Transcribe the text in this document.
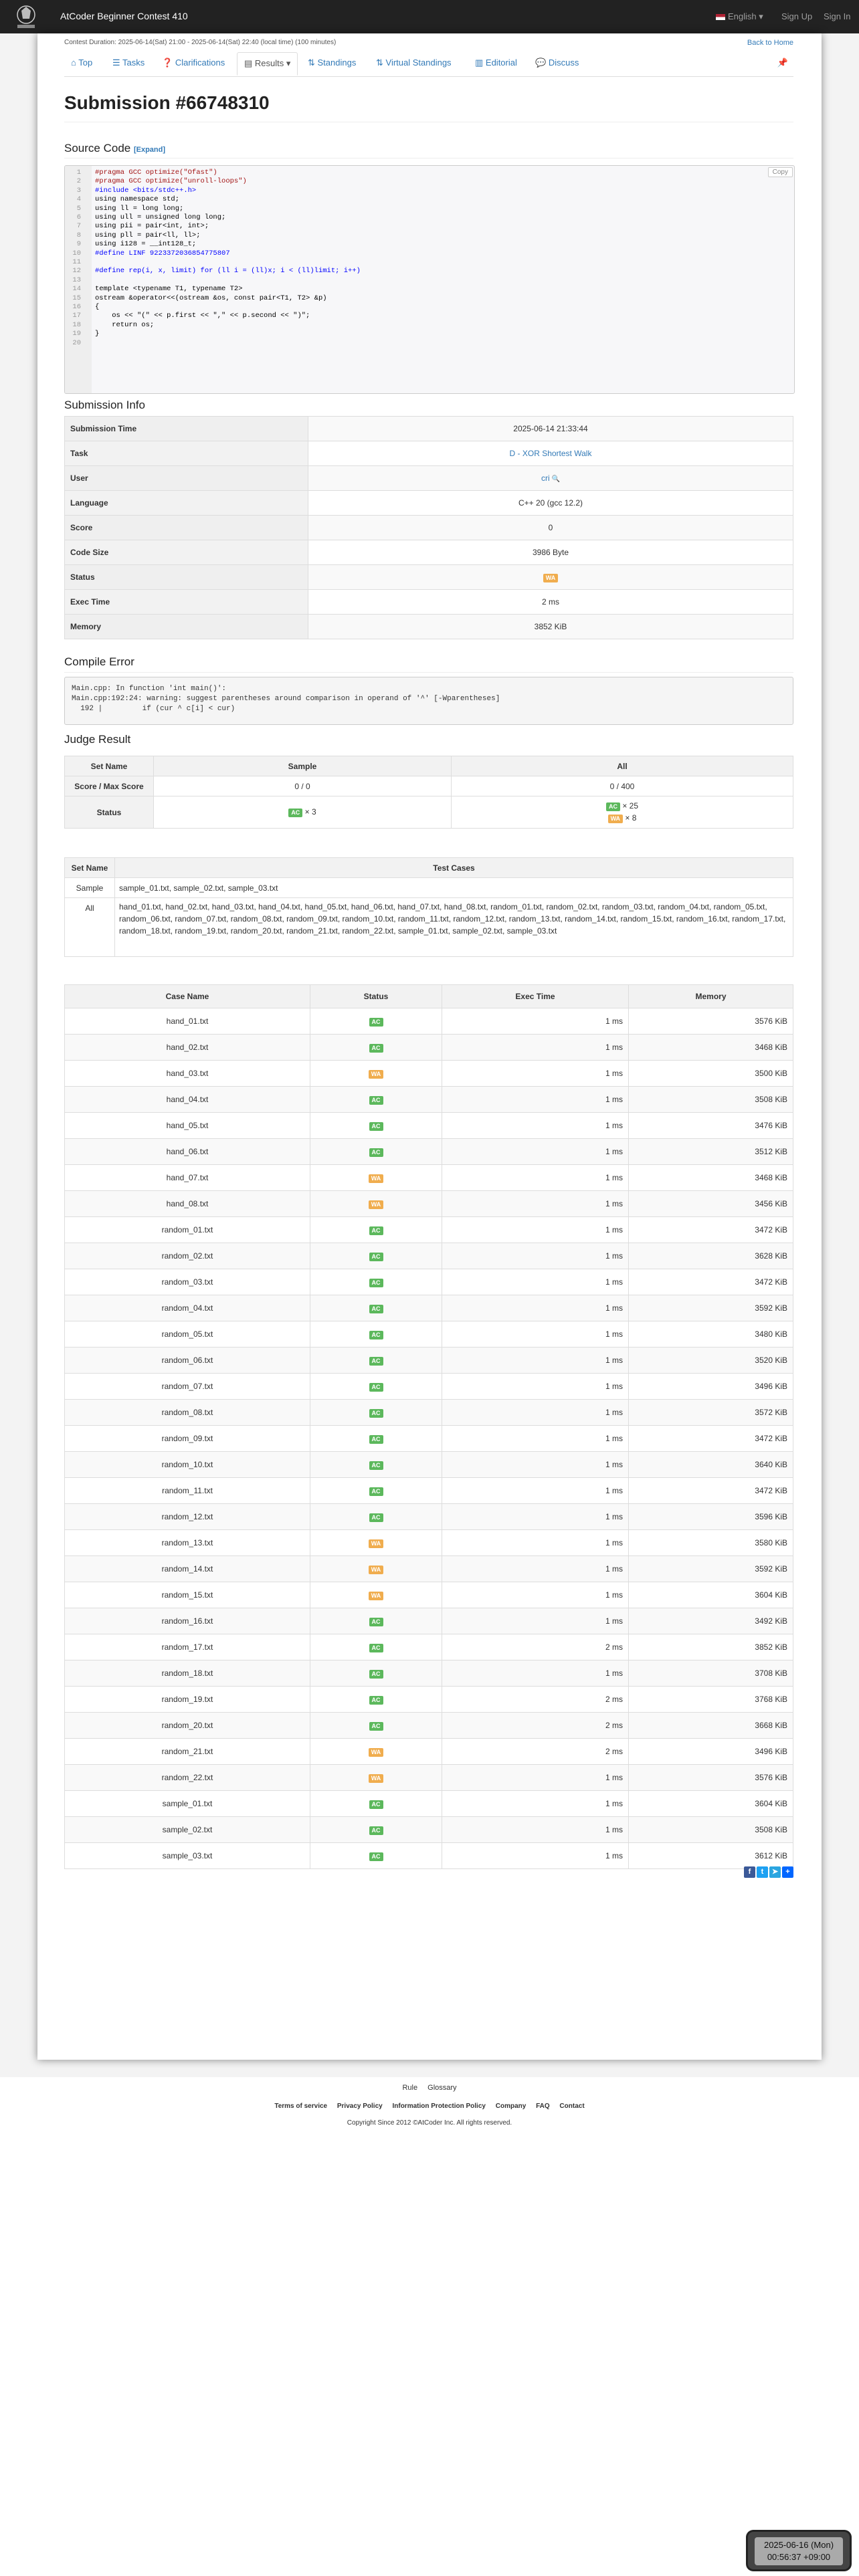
AtCoder Beginner Contest 410	English ▾ Sign Up Sign In
Contest Duration: 2025-06-14(Sat) 21:00 - 2025-06-14(Sat) 22:40 (local time) (100 minutes)	Back to Home
⌂ Top ☰ Tasks ❓ Clarifications	▤ Results ▾	⇅ Standings ⇅ Virtual Standings	▥ Editorial 💬 Discuss	📌
Submission #66748310
Source Code [Expand]
Copy
1 #pragma GCC optimize("Ofast")
2 #pragma GCC optimize("unroll-loops")
3 #include <bits/stdc++.h>
4 using namespace std;
5 using ll = long long;
6 using ull = unsigned long long;
7 using pii = pair<int, int>;
8 using pll = pair<ll, ll>;
9 using i128 = __int128_t;
10 #define LINF 9223372036854775807
11
12 #define rep(i, x, limit) for (ll i = (ll)x; i < (ll)limit; i++)
13
14 template <typename T1, typename T2>
15 ostream &operator<<(ostream &os, const pair<T1, T2> &p)
16 {
17 os << "(" << p.first << "," << p.second << ")";
18 return os;
19 }
20
Submission Info
Submission Time	2025-06-14 21:33:44
Task	D - XOR Shortest Walk
User	cri 🔍
Language	C++ 20 (gcc 12.2)
Score	0
Code Size	3986 Byte
Status	WA
Exec Time	2 ms
Memory	3852 KiB
Compile Error
Main.cpp: In function 'int main()':
Main.cpp:192:24: warning: suggest parentheses around comparison in operand of '^' [-Wparentheses]
192 |         if (cur ^ c[i] < cur)
Judge Result
Set Name	Sample	All
Score / Max Score	0 / 0	0 / 400
Status	AC × 3	AC × 25
WA × 8
Set Name	Test Cases
Sample	sample_01.txt, sample_02.txt, sample_03.txt
All	hand_01.txt, hand_02.txt, hand_03.txt, hand_04.txt, hand_05.txt, hand_06.txt, hand_07.txt, hand_08.txt, random_01.txt, random_02.txt, random_03.txt, random_04.txt, random_05.txt, random_06.txt, random_07.txt, random_08.txt, random_09.txt, random_10.txt, random_11.txt, random_12.txt, random_13.txt, random_14.txt, random_15.txt, random_16.txt, random_17.txt, random_18.txt, random_19.txt, random_20.txt, random_21.txt, random_22.txt, sample_01.txt, sample_02.txt, sample_03.txt
Case Name	Status	Exec Time	Memory
hand_01.txt	AC	1 ms	3576 KiB
hand_02.txt	AC	1 ms	3468 KiB
hand_03.txt	WA	1 ms	3500 KiB
hand_04.txt	AC	1 ms	3508 KiB
hand_05.txt	AC	1 ms	3476 KiB
hand_06.txt	AC	1 ms	3512 KiB
hand_07.txt	WA	1 ms	3468 KiB
hand_08.txt	WA	1 ms	3456 KiB
random_01.txt	AC	1 ms	3472 KiB
random_02.txt	AC	1 ms	3628 KiB
random_03.txt	AC	1 ms	3472 KiB
random_04.txt	AC	1 ms	3592 KiB
random_05.txt	AC	1 ms	3480 KiB
random_06.txt	AC	1 ms	3520 KiB
random_07.txt	AC	1 ms	3496 KiB
random_08.txt	AC	1 ms	3572 KiB
random_09.txt	AC	1 ms	3472 KiB
random_10.txt	AC	1 ms	3640 KiB
random_11.txt	AC	1 ms	3472 KiB
random_12.txt	AC	1 ms	3596 KiB
random_13.txt	WA	1 ms	3580 KiB
random_14.txt	WA	1 ms	3592 KiB
random_15.txt	WA	1 ms	3604 KiB
random_16.txt	AC	1 ms	3492 KiB
random_17.txt	AC	2 ms	3852 KiB
random_18.txt	AC	1 ms	3708 KiB
random_19.txt	AC	2 ms	3768 KiB
random_20.txt	AC	2 ms	3668 KiB
random_21.txt	WA	2 ms	3496 KiB
random_22.txt	WA	1 ms	3576 KiB
sample_01.txt	AC	1 ms	3604 KiB
sample_02.txt	AC	1 ms	3508 KiB
sample_03.txt	AC	1 ms	3612 KiB
f t ➤ +
Rule Glossary
Terms of service Privacy Policy Information Protection Policy Company FAQ Contact
Copyright Since 2012 ©AtCoder Inc. All rights reserved.
2025-06-16 (Mon)
00:56:37 +09:00
